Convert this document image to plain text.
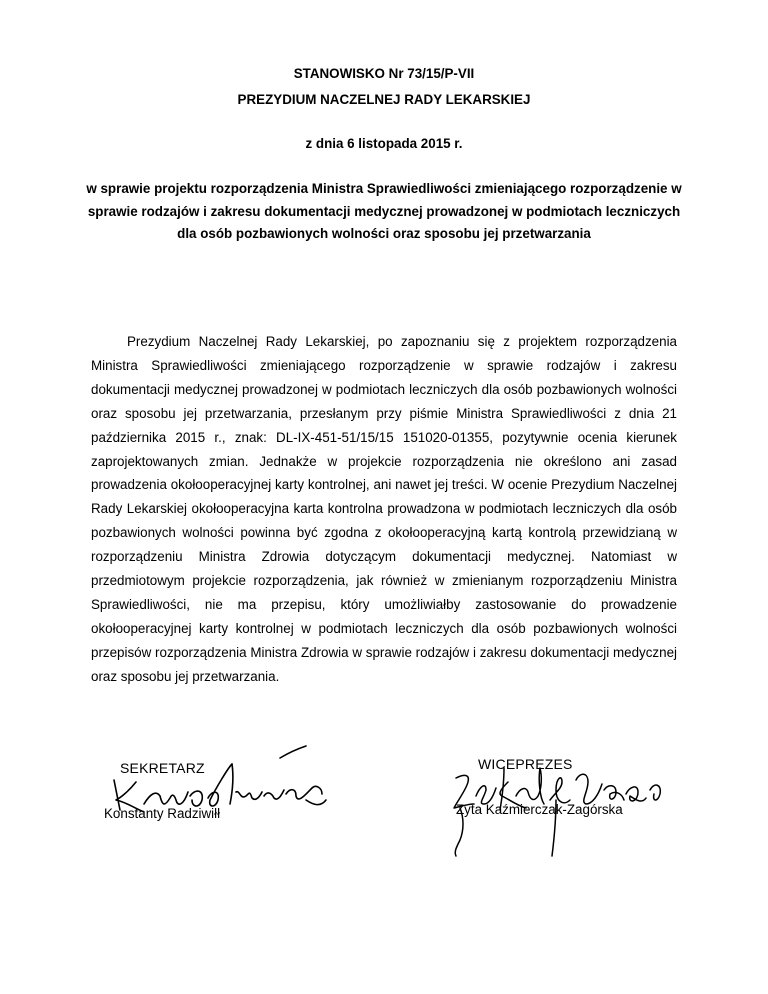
STANOWISKO Nr 73/15/P-VII
PREZYDIUM NACZELNEJ RADY LEKARSKIEJ
z dnia 6 listopada 2015 r.
w sprawie projektu rozporządzenia Ministra Sprawiedliwości zmieniającego rozporządzenie w sprawie rodzajów i zakresu dokumentacji medycznej prowadzonej w podmiotach leczniczych dla osób pozbawionych wolności oraz sposobu jej przetwarzania

Prezydium Naczelnej Rady Lekarskiej, po zapoznaniu się z projektem rozporządzenia Ministra Sprawiedliwości zmieniającego rozporządzenie w sprawie rodzajów i zakresu dokumentacji medycznej prowadzonej w podmiotach leczniczych dla osób pozbawionych wolności oraz sposobu jej przetwarzania, przesłanym przy piśmie Ministra Sprawiedliwości z dnia 21 października 2015 r., znak: DL-IX-451-51/15/15 151020-01355, pozytywnie ocenia kierunek zaprojektowanych zmian. Jednakże w projekcie rozporządzenia nie określono ani zasad prowadzenia okołooperacyjnej karty kontrolnej, ani nawet jej treści. W ocenie Prezydium Naczelnej Rady Lekarskiej okołooperacyjna karta kontrolna prowadzona w podmiotach leczniczych dla osób pozbawionych wolności powinna być zgodna z okołooperacyjną kartą kontrolą przewidzianą w rozporządzeniu Ministra Zdrowia dotyczącym dokumentacji medycznej. Natomiast w przedmiotowym projekcie rozporządzenia, jak również w zmienianym rozporządzeniu Ministra Sprawiedliwości, nie ma przepisu, który umożliwiałby zastosowanie do prowadzenie okołooperacyjnej karty kontrolnej w podmiotach leczniczych dla osób pozbawionych wolności przepisów rozporządzenia Ministra Zdrowia w sprawie rodzajów i zakresu dokumentacji medycznej oraz sposobu jej przetwarzania.

SEKRETARZ
Konstanty Radziwiłł
WICEPREZES
Zyta Kaźmierczak-Zagórska
